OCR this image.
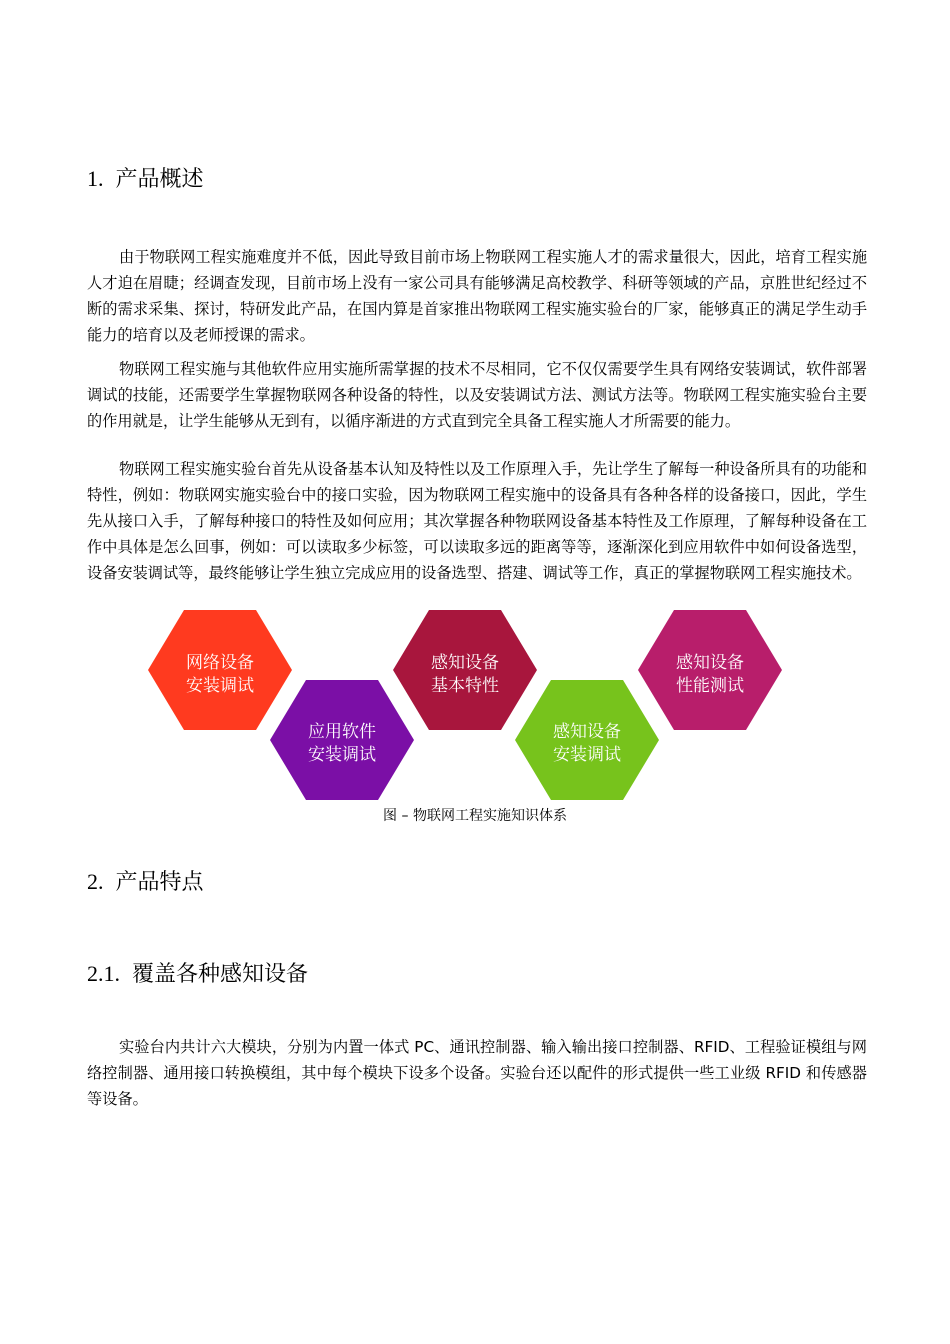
1. 产品概述

由于物联网工程实施难度并不低，因此导致目前市场上物联网工程实施人才的需求量很大，因此，培育工程实施人才迫在眉睫；经调查发现，目前市场上没有一家公司具有能够满足高校教学、科研等领域的产品，京胜世纪经过不断的需求采集、探讨，特研发此产品，在国内算是首家推出物联网工程实施实验台的厂家，能够真正的满足学生动手能力的培育以及老师授课的需求。

物联网工程实施与其他软件应用实施所需掌握的技术不尽相同，它不仅仅需要学生具有网络安装调试，软件部署调试的技能，还需要学生掌握物联网各种设备的特性，以及安装调试方法、测试方法等。物联网工程实施实验台主要的作用就是，让学生能够从无到有，以循序渐进的方式直到完全具备工程实施人才所需要的能力。

物联网工程实施实验台首先从设备基本认知及特性以及工作原理入手，先让学生了解每一种设备所具有的功能和特性，例如：物联网实施实验台中的接口实验，因为物联网工程实施中的设备具有各种各样的设备接口，因此，学生先从接口入手，了解每种接口的特性及如何应用；其次掌握各种物联网设备基本特性及工作原理，了解每种设备在工作中具体是怎么回事，例如：可以读取多少标签，可以读取多远的距离等等，逐渐深化到应用软件中如何设备选型，设备安装调试等，最终能够让学生独立完成应用的设备选型、搭建、调试等工作，真正的掌握物联网工程实施技术。

网络设备
安装调试
应用软件
安装调试
感知设备
基本特性
感知设备
安装调试
感知设备
性能测试
图 – 物联网工程实施知识体系
2. 产品特点
2.1. 覆盖各种感知设备

实验台内共计六大模块，分别为内置一体式 PC、通讯控制器、输入输出接口控制器、RFID、工程验证模组与网络控制器、通用接口转换模组，其中每个模块下设多个设备。实验台还以配件的形式提供一些工业级 RFID 和传感器等设备。
